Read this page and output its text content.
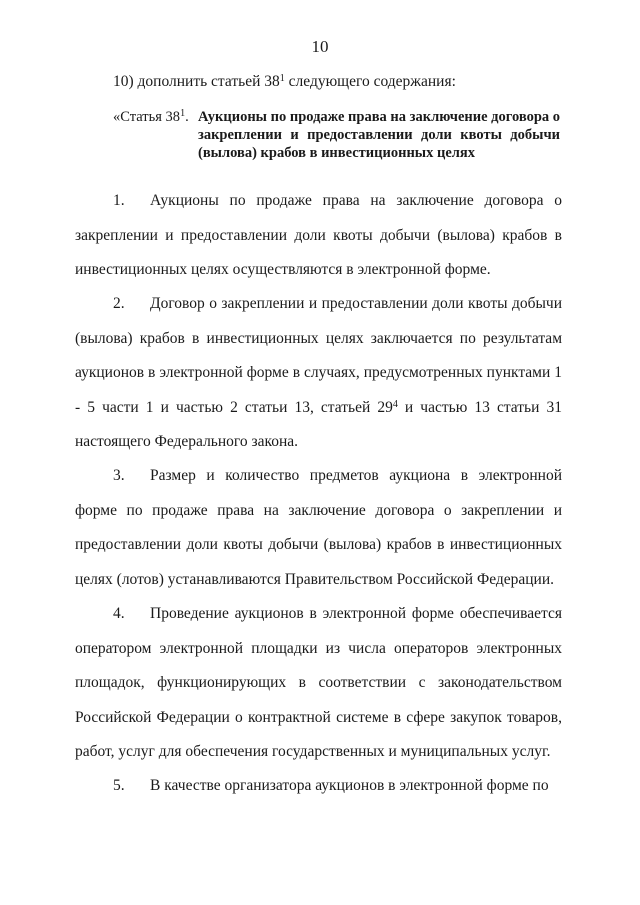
10
10) дополнить статьей $38^1$ следующего содержания:
«Статья $38^1$. Аукционы по продаже права на заключение договора о закреплении и предоставлении доли квоты добычи (вылова) крабов в инвестиционных целях
1. Аукционы по продаже права на заключение договора о закреплении и предоставлении доли квоты добычи (вылова) крабов в инвестиционных целях осуществляются в электронной форме.
2. Договор о закреплении и предоставлении доли квоты добычи (вылова) крабов в инвестиционных целях заключается по результатам аукционов в электронной форме в случаях, предусмотренных пунктами 1 - 5 части 1 и частью 2 статьи 13, статьей $29^4$ и частью 13 статьи 31 настоящего Федерального закона.
3. Размер и количество предметов аукциона в электронной форме по продаже права на заключение договора о закреплении и предоставлении доли квоты добычи (вылова) крабов в инвестиционных целях (лотов) устанавливаются Правительством Российской Федерации.
4. Проведение аукционов в электронной форме обеспечивается оператором электронной площадки из числа операторов электронных площадок, функционирующих в соответствии с законодательством Российской Федерации о контрактной системе в сфере закупок товаров, работ, услуг для обеспечения государственных и муниципальных услуг.
5. В качестве организатора аукционов в электронной форме по
